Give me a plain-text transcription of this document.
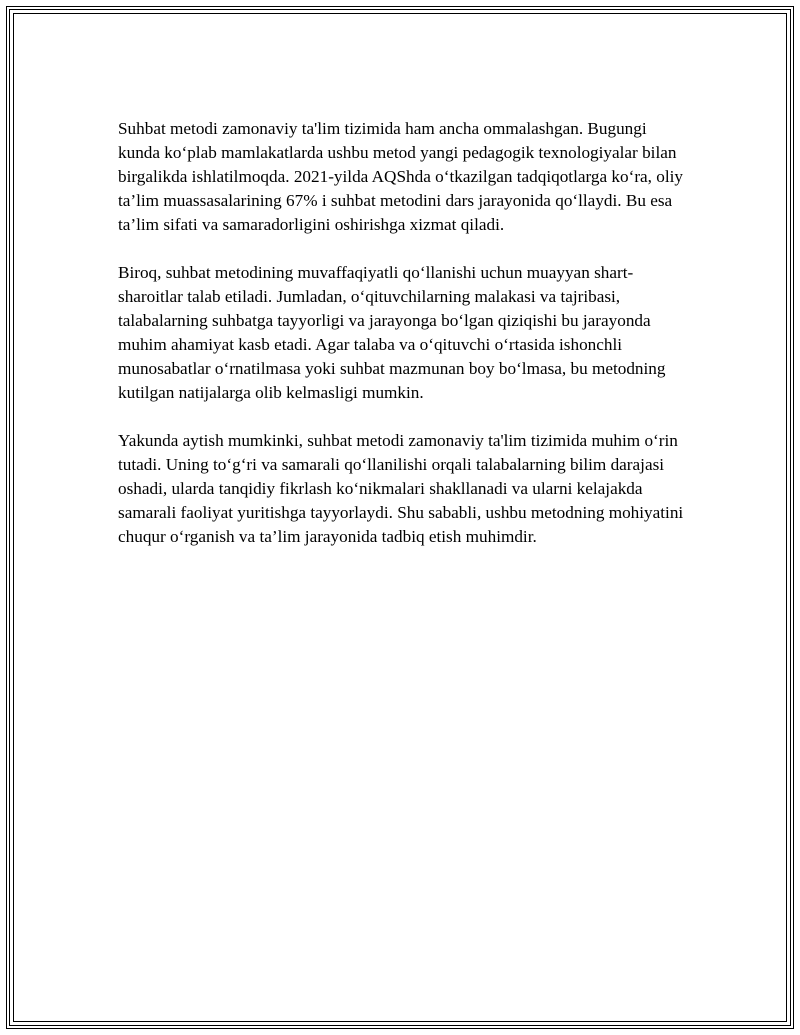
Suhbat metodi zamonaviy ta'lim tizimida ham ancha ommalashgan. Bugungi kunda ko‘plab mamlakatlarda ushbu metod yangi pedagogik texnologiyalar bilan birgalikda ishlatilmoqda. 2021-yilda AQShda o‘tkazilgan tadqiqotlarga ko‘ra, oliy ta’lim muassasalarining 67% i suhbat metodini dars jarayonida qo‘llaydi. Bu esa ta’lim sifati va samaradorligini oshirishga xizmat qiladi.

Biroq, suhbat metodining muvaffaqiyatli qo‘llanishi uchun muayyan shart-sharoitlar talab etiladi. Jumladan, o‘qituvchilarning malakasi va tajribasi, talabalarning suhbatga tayyorligi va jarayonga bo‘lgan qiziqishi bu jarayonda muhim ahamiyat kasb etadi. Agar talaba va o‘qituvchi o‘rtasida ishonchli munosabatlar o‘rnatilmasa yoki suhbat mazmunan boy bo‘lmasa, bu metodning kutilgan natijalarga olib kelmasligi mumkin.

Yakunda aytish mumkinki, suhbat metodi zamonaviy ta'lim tizimida muhim o‘rin tutadi. Uning to‘g‘ri va samarali qo‘llanilishi orqali talabalarning bilim darajasi oshadi, ularda tanqidiy fikrlash ko‘nikmalari shakllanadi va ularni kelajakda samarali faoliyat yuritishga tayyorlaydi. Shu sababli, ushbu metodning mohiyatini chuqur o‘rganish va ta’lim jarayonida tadbiq etish muhimdir.
